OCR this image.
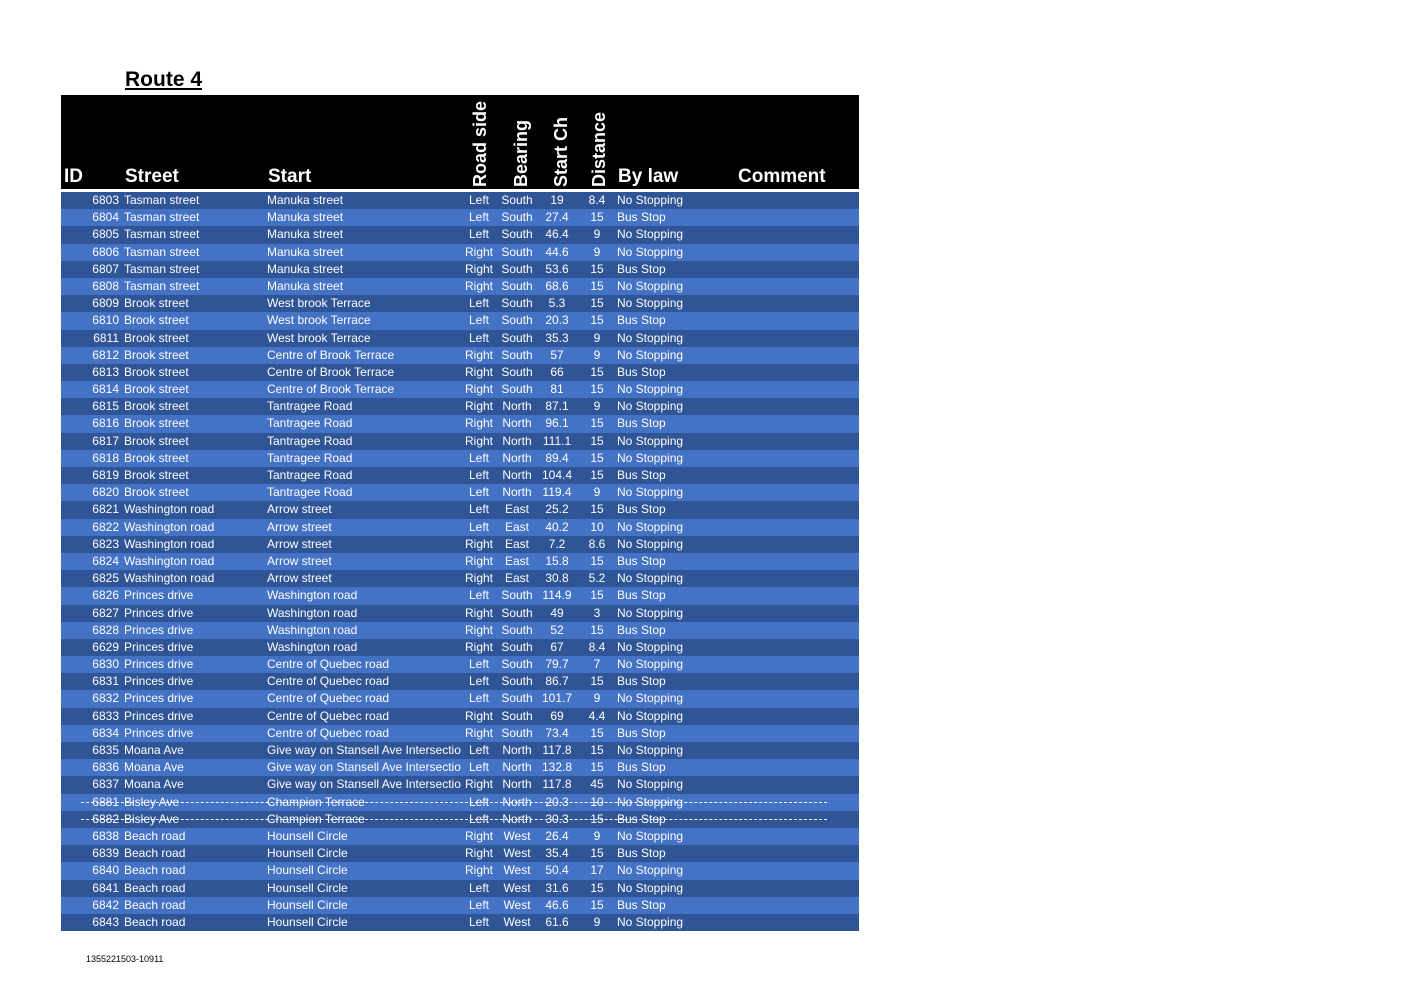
Route 4
ID Street	Start	Road side Bearing Start Ch Distance By law	Comment
6803 Tasman street	Manuka street	Left	South	19	8.4 No Stopping
6804 Tasman street	Manuka street	Left	South	27.4	15	Bus Stop
6805 Tasman street	Manuka street	Left	South	46.4	9	No Stopping
6806 Tasman street	Manuka street	Right South	44.6	9	No Stopping
6807 Tasman street	Manuka street	Right South	53.6	15	Bus Stop
6808 Tasman street	Manuka street	Right South	68.6	15	No Stopping
6809 Brook street	West brook Terrace	Left	South	5.3	15	No Stopping
6810 Brook street	West brook Terrace	Left	South	20.3	15	Bus Stop
6811 Brook street	West brook Terrace	Left	South	35.3	9	No Stopping
6812 Brook street	Centre of Brook Terrace	Right South	57	9	No Stopping
6813 Brook street	Centre of Brook Terrace	Right South	66	15	Bus Stop
6814 Brook street	Centre of Brook Terrace	Right South	81	15	No Stopping
6815 Brook street	Tantragee Road	Right North	87.1	9	No Stopping
6816 Brook street	Tantragee Road	Right North	96.1	15	Bus Stop
6817 Brook street	Tantragee Road	Right North 111.1	15	No Stopping
6818 Brook street	Tantragee Road	Left	North	89.4	15	No Stopping
6819 Brook street	Tantragee Road	Left	North 104.4	15	Bus Stop
6820 Brook street	Tantragee Road	Left	North 119.4	9	No Stopping
6821 Washington road	Arrow street	Left	East	25.2	15	Bus Stop
6822 Washington road	Arrow street	Left	East	40.2	10	No Stopping
6823 Washington road	Arrow street	Right East	7.2	8.6 No Stopping
6824 Washington road	Arrow street	Right East	15.8	15	Bus Stop
6825 Washington road	Arrow street	Right East	30.8	5.2 No Stopping
6826 Princes drive	Washington road	Left	South 114.9	15	Bus Stop
6827 Princes drive	Washington road	Right South	49	3	No Stopping
6828 Princes drive	Washington road	Right South	52	15	Bus Stop
6629 Princes drive	Washington road	Right South	67	8.4 No Stopping
6830 Princes drive	Centre of Quebec road	Left	South	79.7	7	No Stopping
6831 Princes drive	Centre of Quebec road	Left	South	86.7	15	Bus Stop
6832 Princes drive	Centre of Quebec road	Left	South 101.7	9	No Stopping
6833 Princes drive	Centre of Quebec road	Right South	69	4.4 No Stopping
6834 Princes drive	Centre of Quebec road	Right South	73.4	15	Bus Stop
6835 Moana Ave	Give way on Stansell Ave Intersectio Left	North 117.8	15	No Stopping
6836 Moana Ave	Give way on Stansell Ave Intersectio Left	North 132.8	15	Bus Stop
6837 Moana Ave	Give way on Stansell Ave Intersectio Right North 117.8	45	No Stopping
6881 Bisley Ave	Champion Terrace	Left	North	20.3	10	No Stopping
6882 Bisley Ave	Champion Terrace	Left	North	30.3	15	Bus Stop
6838 Beach road	Hounsell Circle	Right West	26.4	9	No Stopping
6839 Beach road	Hounsell Circle	Right West	35.4	15	Bus Stop
6840 Beach road	Hounsell Circle	Right West	50.4	17	No Stopping
6841 Beach road	Hounsell Circle	Left	West	31.6	15	No Stopping
6842 Beach road	Hounsell Circle	Left	West	46.6	15	Bus Stop
6843 Beach road	Hounsell Circle	Left	West	61.6	9	No Stopping
1355221503-10911
